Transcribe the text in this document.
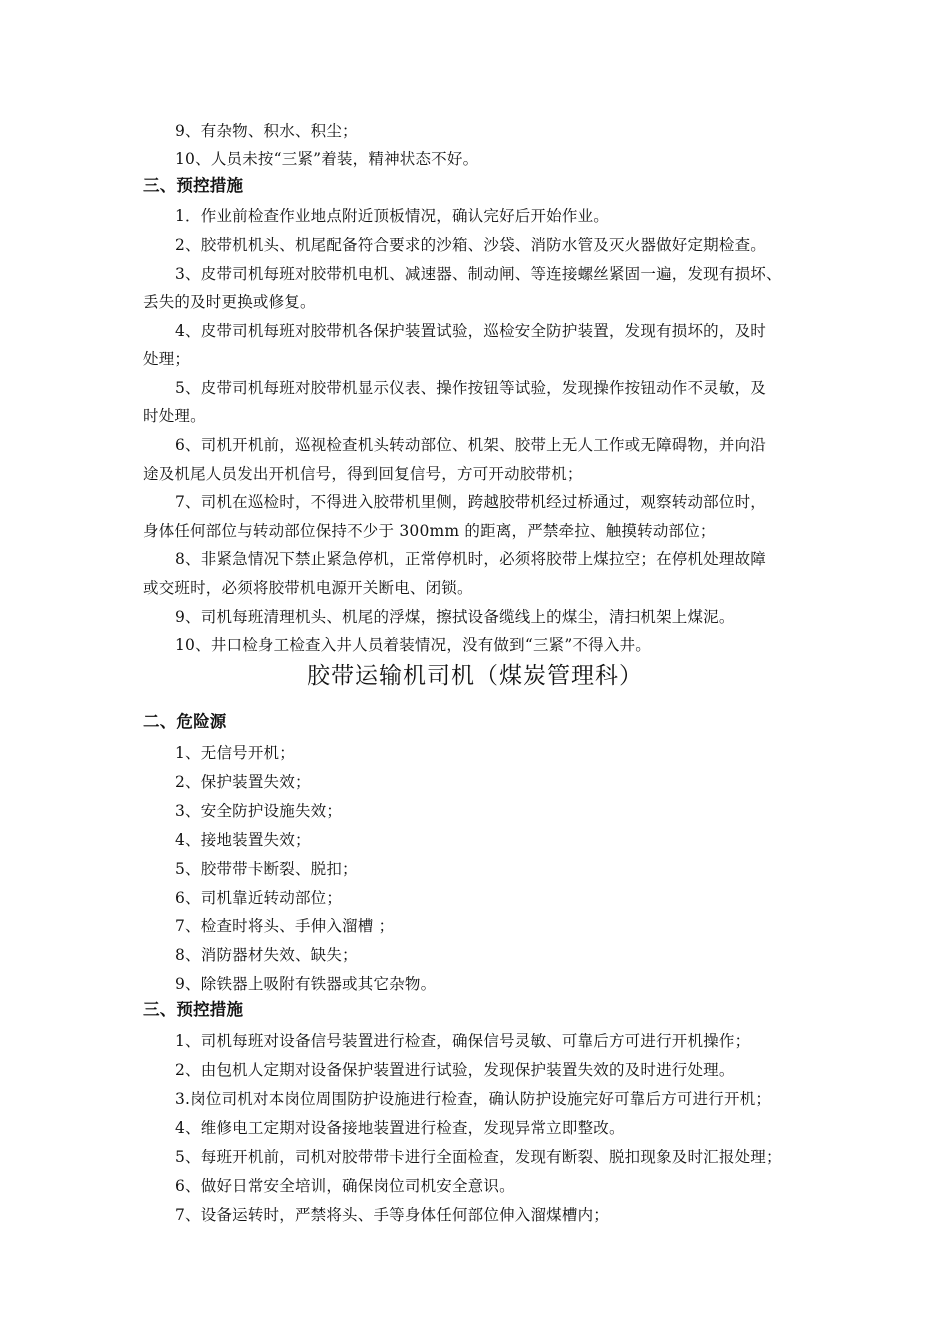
9、有杂物、积水、积尘；
10、人员未按“三紧”着装，精神状态不好。
三、预控措施
1．作业前检查作业地点附近顶板情况，确认完好后开始作业。
2、胶带机机头、机尾配备符合要求的沙箱、沙袋、消防水管及灭火器做好定期检查。
3、皮带司机每班对胶带机电机、减速器、制动闸、等连接螺丝紧固一遍，发现有损坏、
丢失的及时更换或修复。
4、皮带司机每班对胶带机各保护装置试验，巡检安全防护装置，发现有损坏的，及时
处理；
5、皮带司机每班对胶带机显示仪表、操作按钮等试验，发现操作按钮动作不灵敏，及
时处理。
6、司机开机前，巡视检查机头转动部位、机架、胶带上无人工作或无障碍物，并向沿
途及机尾人员发出开机信号，得到回复信号，方可开动胶带机；
7、司机在巡检时，不得进入胶带机里侧，跨越胶带机经过桥通过，观察转动部位时，
身体任何部位与转动部位保持不少于 300mm 的距离，严禁牵拉、触摸转动部位；
8、非紧急情况下禁止紧急停机，正常停机时，必须将胶带上煤拉空；在停机处理故障
或交班时，必须将胶带机电源开关断电、闭锁。
9、司机每班清理机头、机尾的浮煤，擦拭设备缆线上的煤尘，清扫机架上煤泥。
10、井口检身工检查入井人员着装情况，没有做到“三紧”不得入井。
胶带运输机司机（煤炭管理科）
二、危险源
1、无信号开机；
2、保护装置失效；
3、安全防护设施失效；
4、接地装置失效；
5、胶带带卡断裂、脱扣；
6、司机靠近转动部位；
7、检查时将头、手伸入溜槽 ；
8、消防器材失效、缺失；
9、除铁器上吸附有铁器或其它杂物。
三、预控措施
1、司机每班对设备信号装置进行检查，确保信号灵敏、可靠后方可进行开机操作；
2、由包机人定期对设备保护装置进行试验，发现保护装置失效的及时进行处理。
3.岗位司机对本岗位周围防护设施进行检查，确认防护设施完好可靠后方可进行开机；
4、维修电工定期对设备接地装置进行检查，发现异常立即整改。
5、每班开机前，司机对胶带带卡进行全面检查，发现有断裂、脱扣现象及时汇报处理；
6、做好日常安全培训，确保岗位司机安全意识。
7、设备运转时，严禁将头、手等身体任何部位伸入溜煤槽内；
